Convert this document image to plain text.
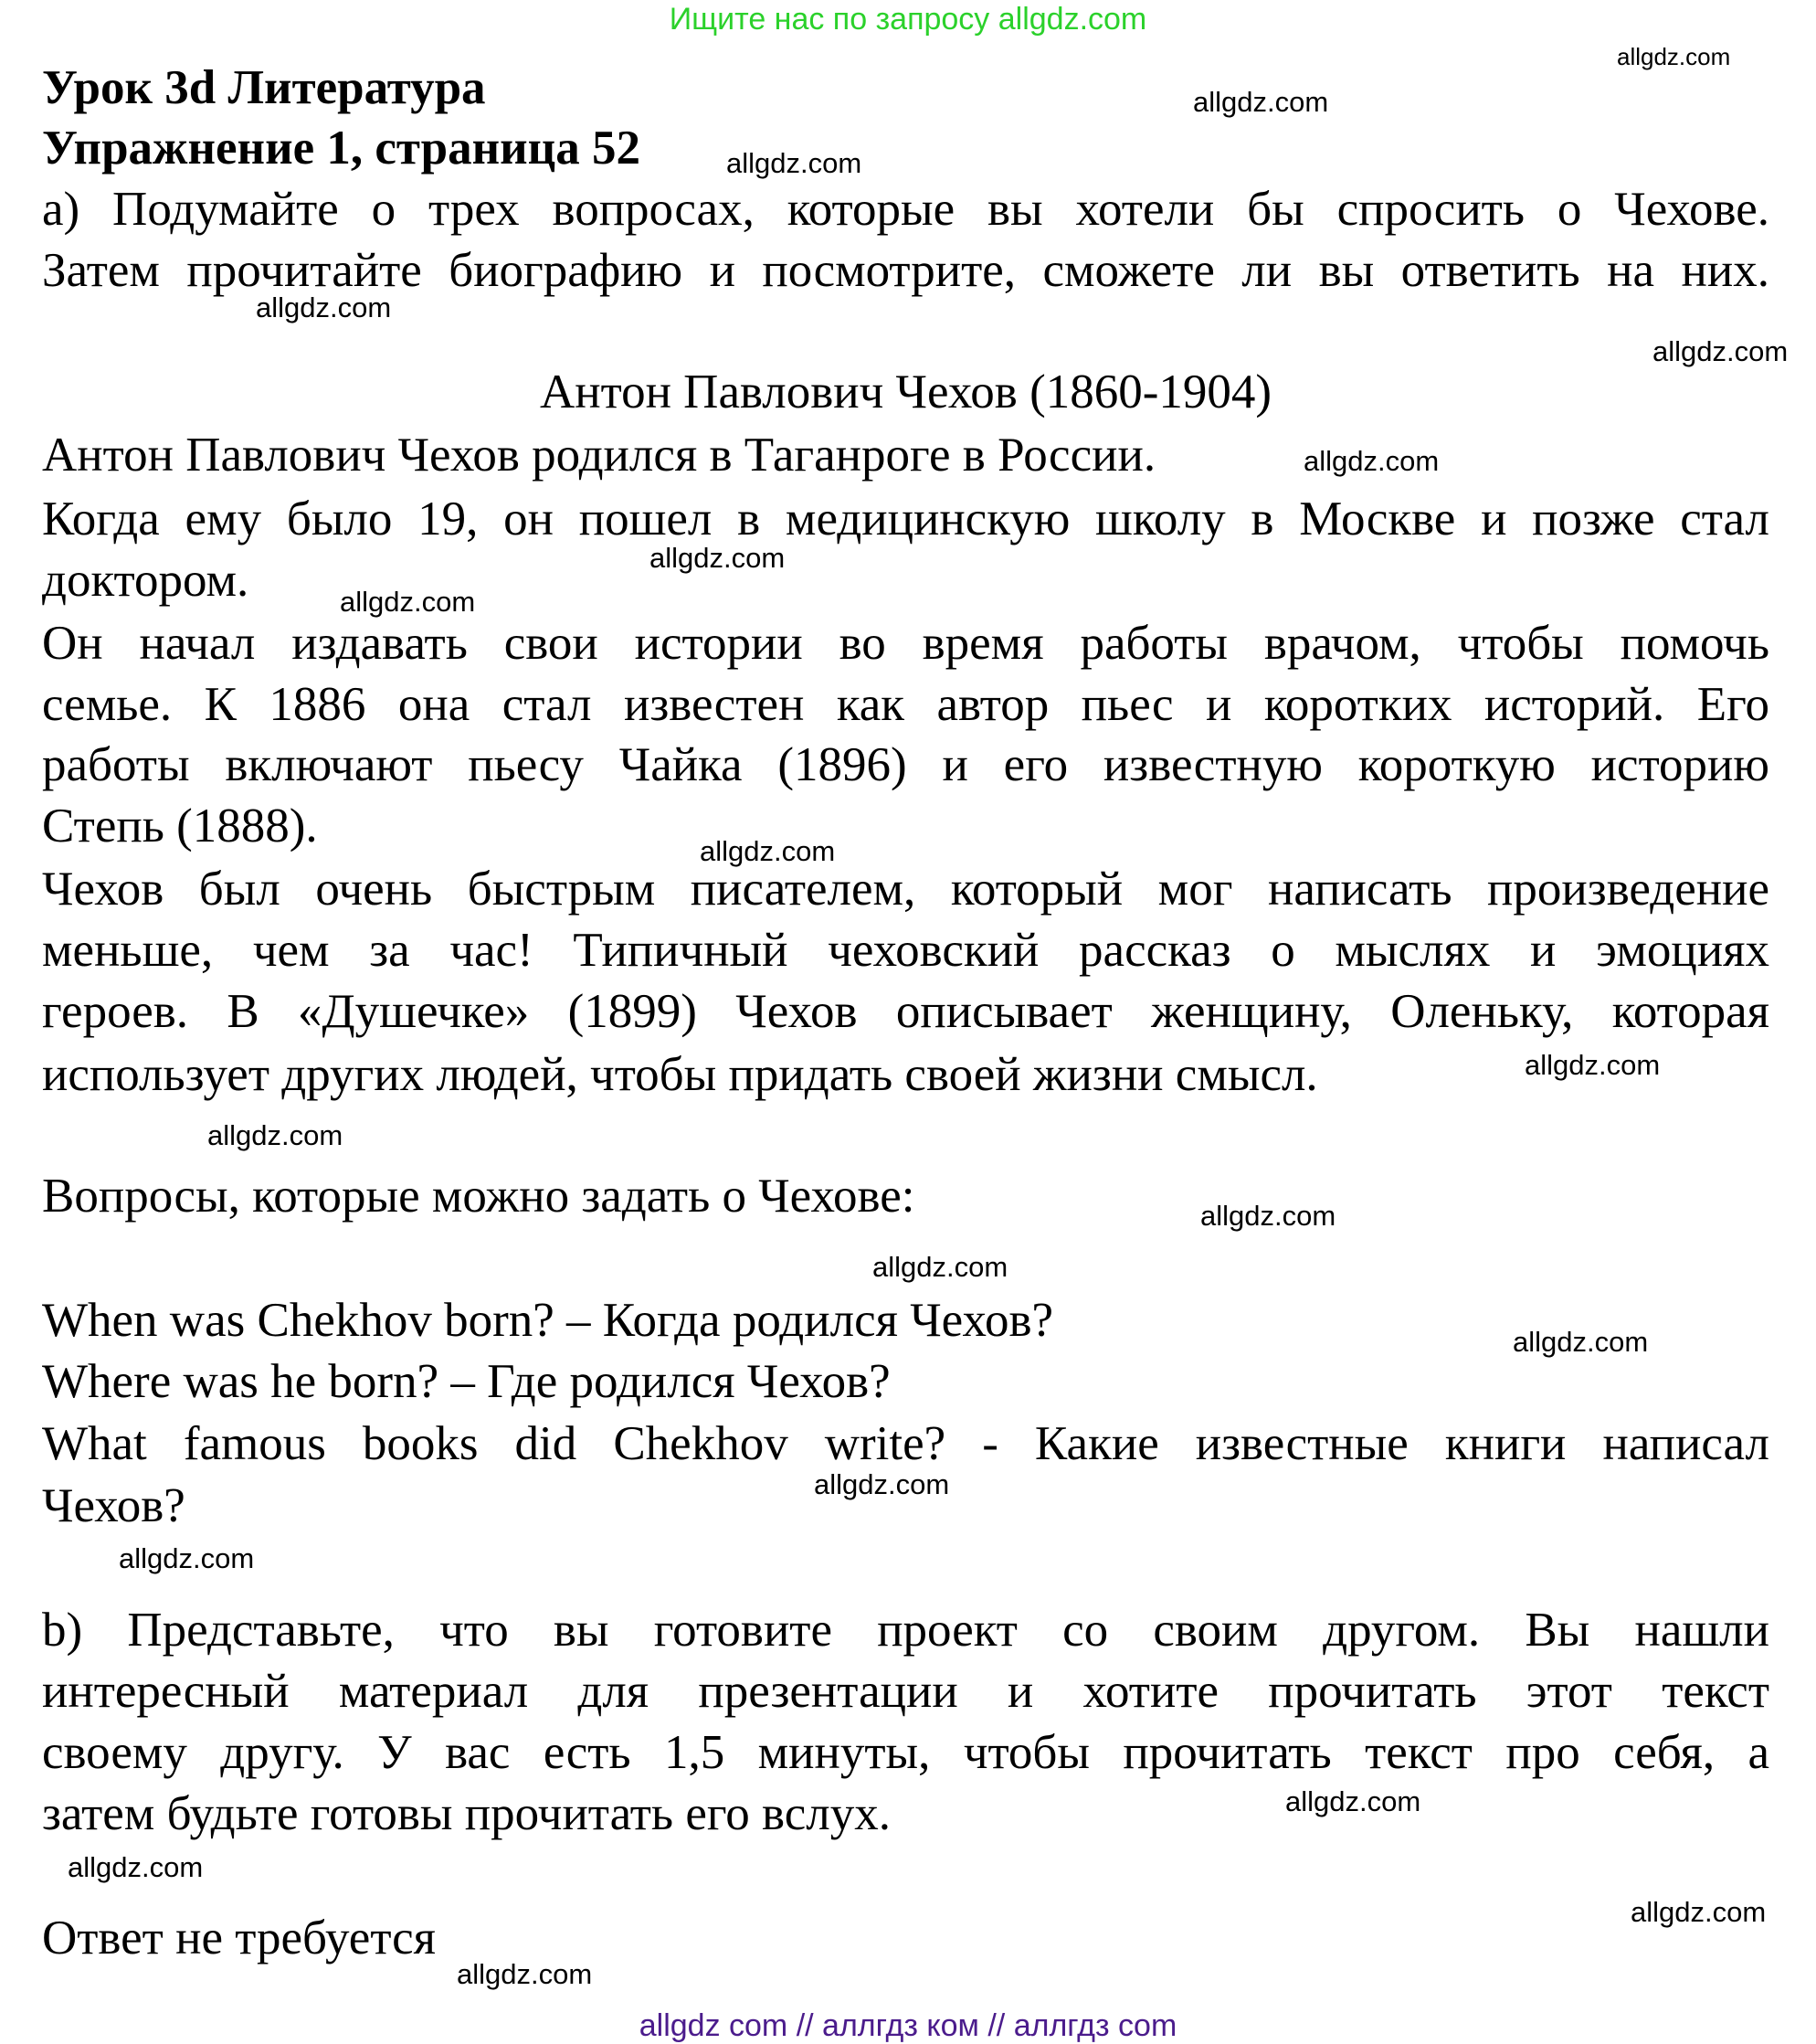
Ищите нас по запросу allgdz.com
Урок 3d Литература
Упражнение 1, страница 52
а) Подумайте о трех вопросах, которые вы хотели бы спросить о Чехове.
Затем прочитайте биографию и посмотрите, сможете ли вы ответить на них.
Антон Павлович Чехов (1860-1904)
Антон Павлович Чехов родился в Таганроге в России.
Когда ему было 19, он пошел в медицинскую школу в Москве и позже стал
доктором.
Он начал издавать свои истории во время работы врачом, чтобы помочь
семье. К 1886 она стал известен как автор пьес и коротких историй. Его
работы включают пьесу Чайка (1896) и его известную короткую историю
Степь (1888).
Чехов был очень быстрым писателем, который мог написать произведение
меньше, чем за час! Типичный чеховский рассказ о мыслях и эмоциях
героев. В «Душечке» (1899) Чехов описывает женщину, Оленьку, которая
использует других людей, чтобы придать своей жизни смысл.
Вопросы, которые можно задать о Чехове:
When was Chekhov born? – Когда родился Чехов?
Where was he born? – Где родился Чехов?
What famous books did Chekhov write? - Какие известные книги написал
Чехов?
b) Представьте, что вы готовите проект со своим другом. Вы нашли
интересный материал для презентации и хотите прочитать этот текст
своему другу. У вас есть 1,5 минуты, чтобы прочитать текст про себя, а
затем будьте готовы прочитать его вслух.
Ответ не требуется
allgdz.com
allgdz.com
allgdz.com
allgdz.com
allgdz.com
allgdz.com
allgdz.com
allgdz.com
allgdz.com
allgdz.com
allgdz.com
allgdz.com
allgdz.com
allgdz.com
allgdz.com
allgdz.com
allgdz.com
allgdz.com
allgdz.com
allgdz.com
allgdz com // аллгдз ком // аллгдз com
